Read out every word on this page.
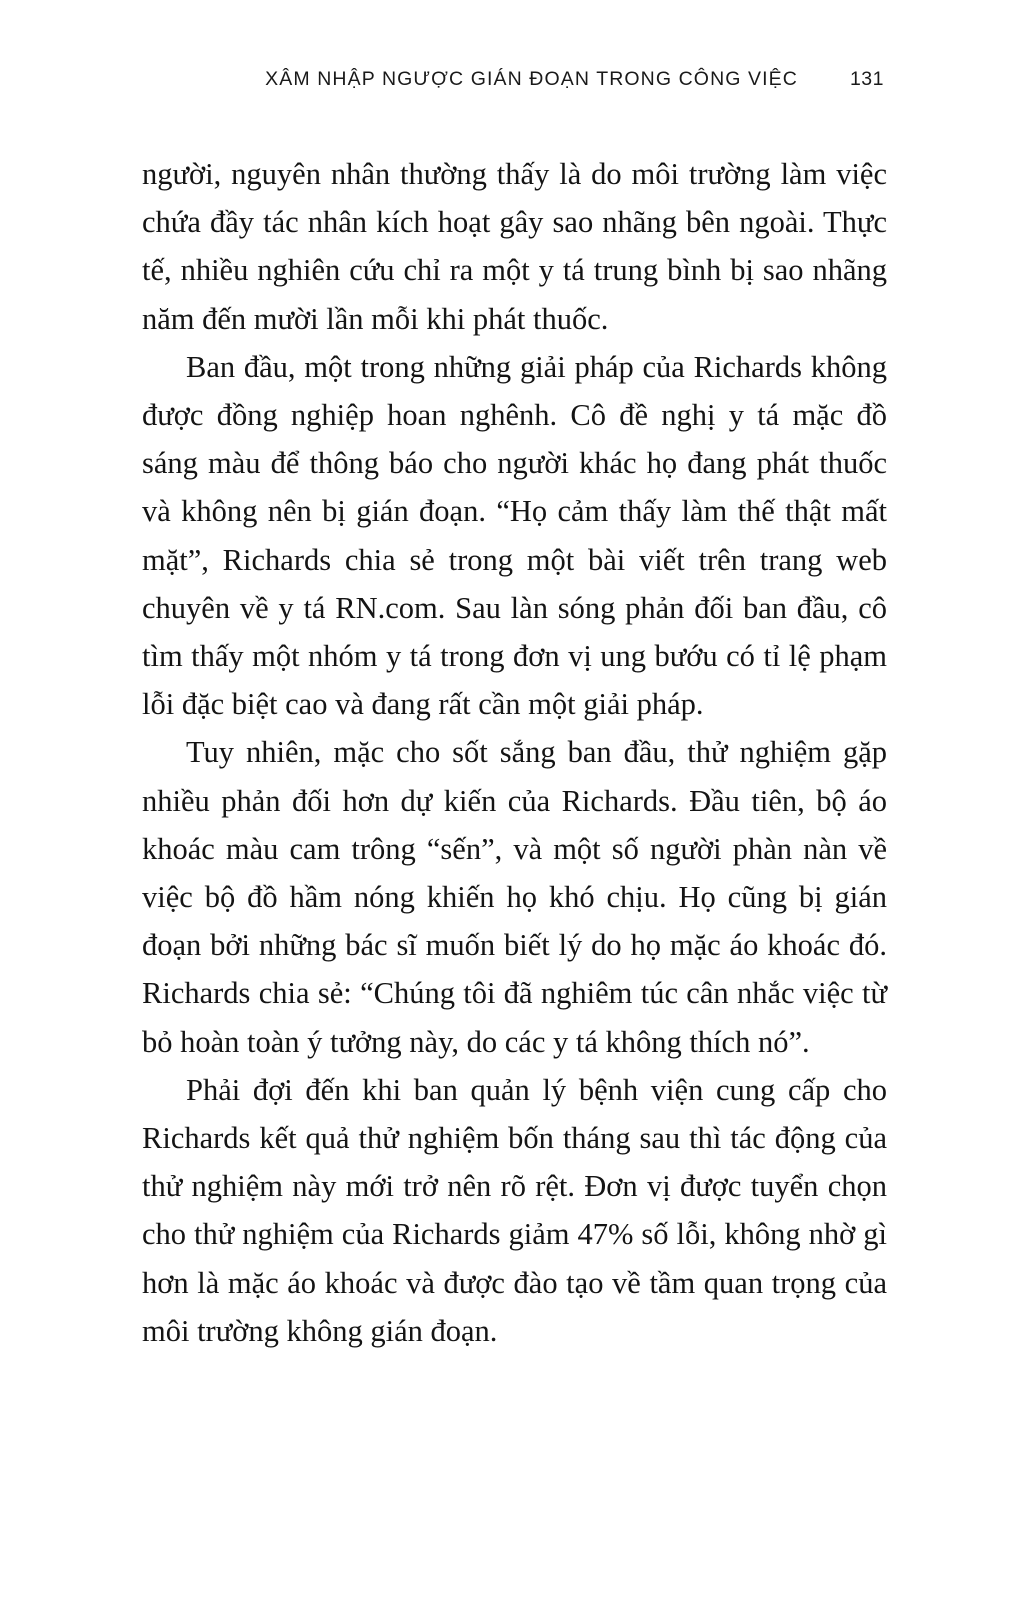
XÂM NHẬP NGƯỢC GIÁN ĐOẠN TRONG CÔNG VIỆC	131

người, nguyên nhân thường thấy là do môi trường làm việc chứa đầy tác nhân kích hoạt gây sao nhãng bên ngoài. Thực tế, nhiều nghiên cứu chỉ ra một y tá trung bình bị sao nhãng năm đến mười lần mỗi khi phát thuốc.

Ban đầu, một trong những giải pháp của Richards không được đồng nghiệp hoan nghênh. Cô đề nghị y tá mặc đồ sáng màu để thông báo cho người khác họ đang phát thuốc và không nên bị gián đoạn. “Họ cảm thấy làm thế thật mất mặt”, Richards chia sẻ trong một bài viết trên trang web chuyên về y tá RN.com. Sau làn sóng phản đối ban đầu, cô tìm thấy một nhóm y tá trong đơn vị ung bướu có tỉ lệ phạm lỗi đặc biệt cao và đang rất cần một giải pháp.

Tuy nhiên, mặc cho sốt sắng ban đầu, thử nghiệm gặp nhiều phản đối hơn dự kiến của Richards. Đầu tiên, bộ áo khoác màu cam trông “sến”, và một số người phàn nàn về việc bộ đồ hầm nóng khiến họ khó chịu. Họ cũng bị gián đoạn bởi những bác sĩ muốn biết lý do họ mặc áo khoác đó. Richards chia sẻ: “Chúng tôi đã nghiêm túc cân nhắc việc từ bỏ hoàn toàn ý tưởng này, do các y tá không thích nó”.

Phải đợi đến khi ban quản lý bệnh viện cung cấp cho Richards kết quả thử nghiệm bốn tháng sau thì tác động của thử nghiệm này mới trở nên rõ rệt. Đơn vị được tuyển chọn cho thử nghiệm của Richards giảm 47% số lỗi, không nhờ gì hơn là mặc áo khoác và được đào tạo về tầm quan trọng của môi trường không gián đoạn.
